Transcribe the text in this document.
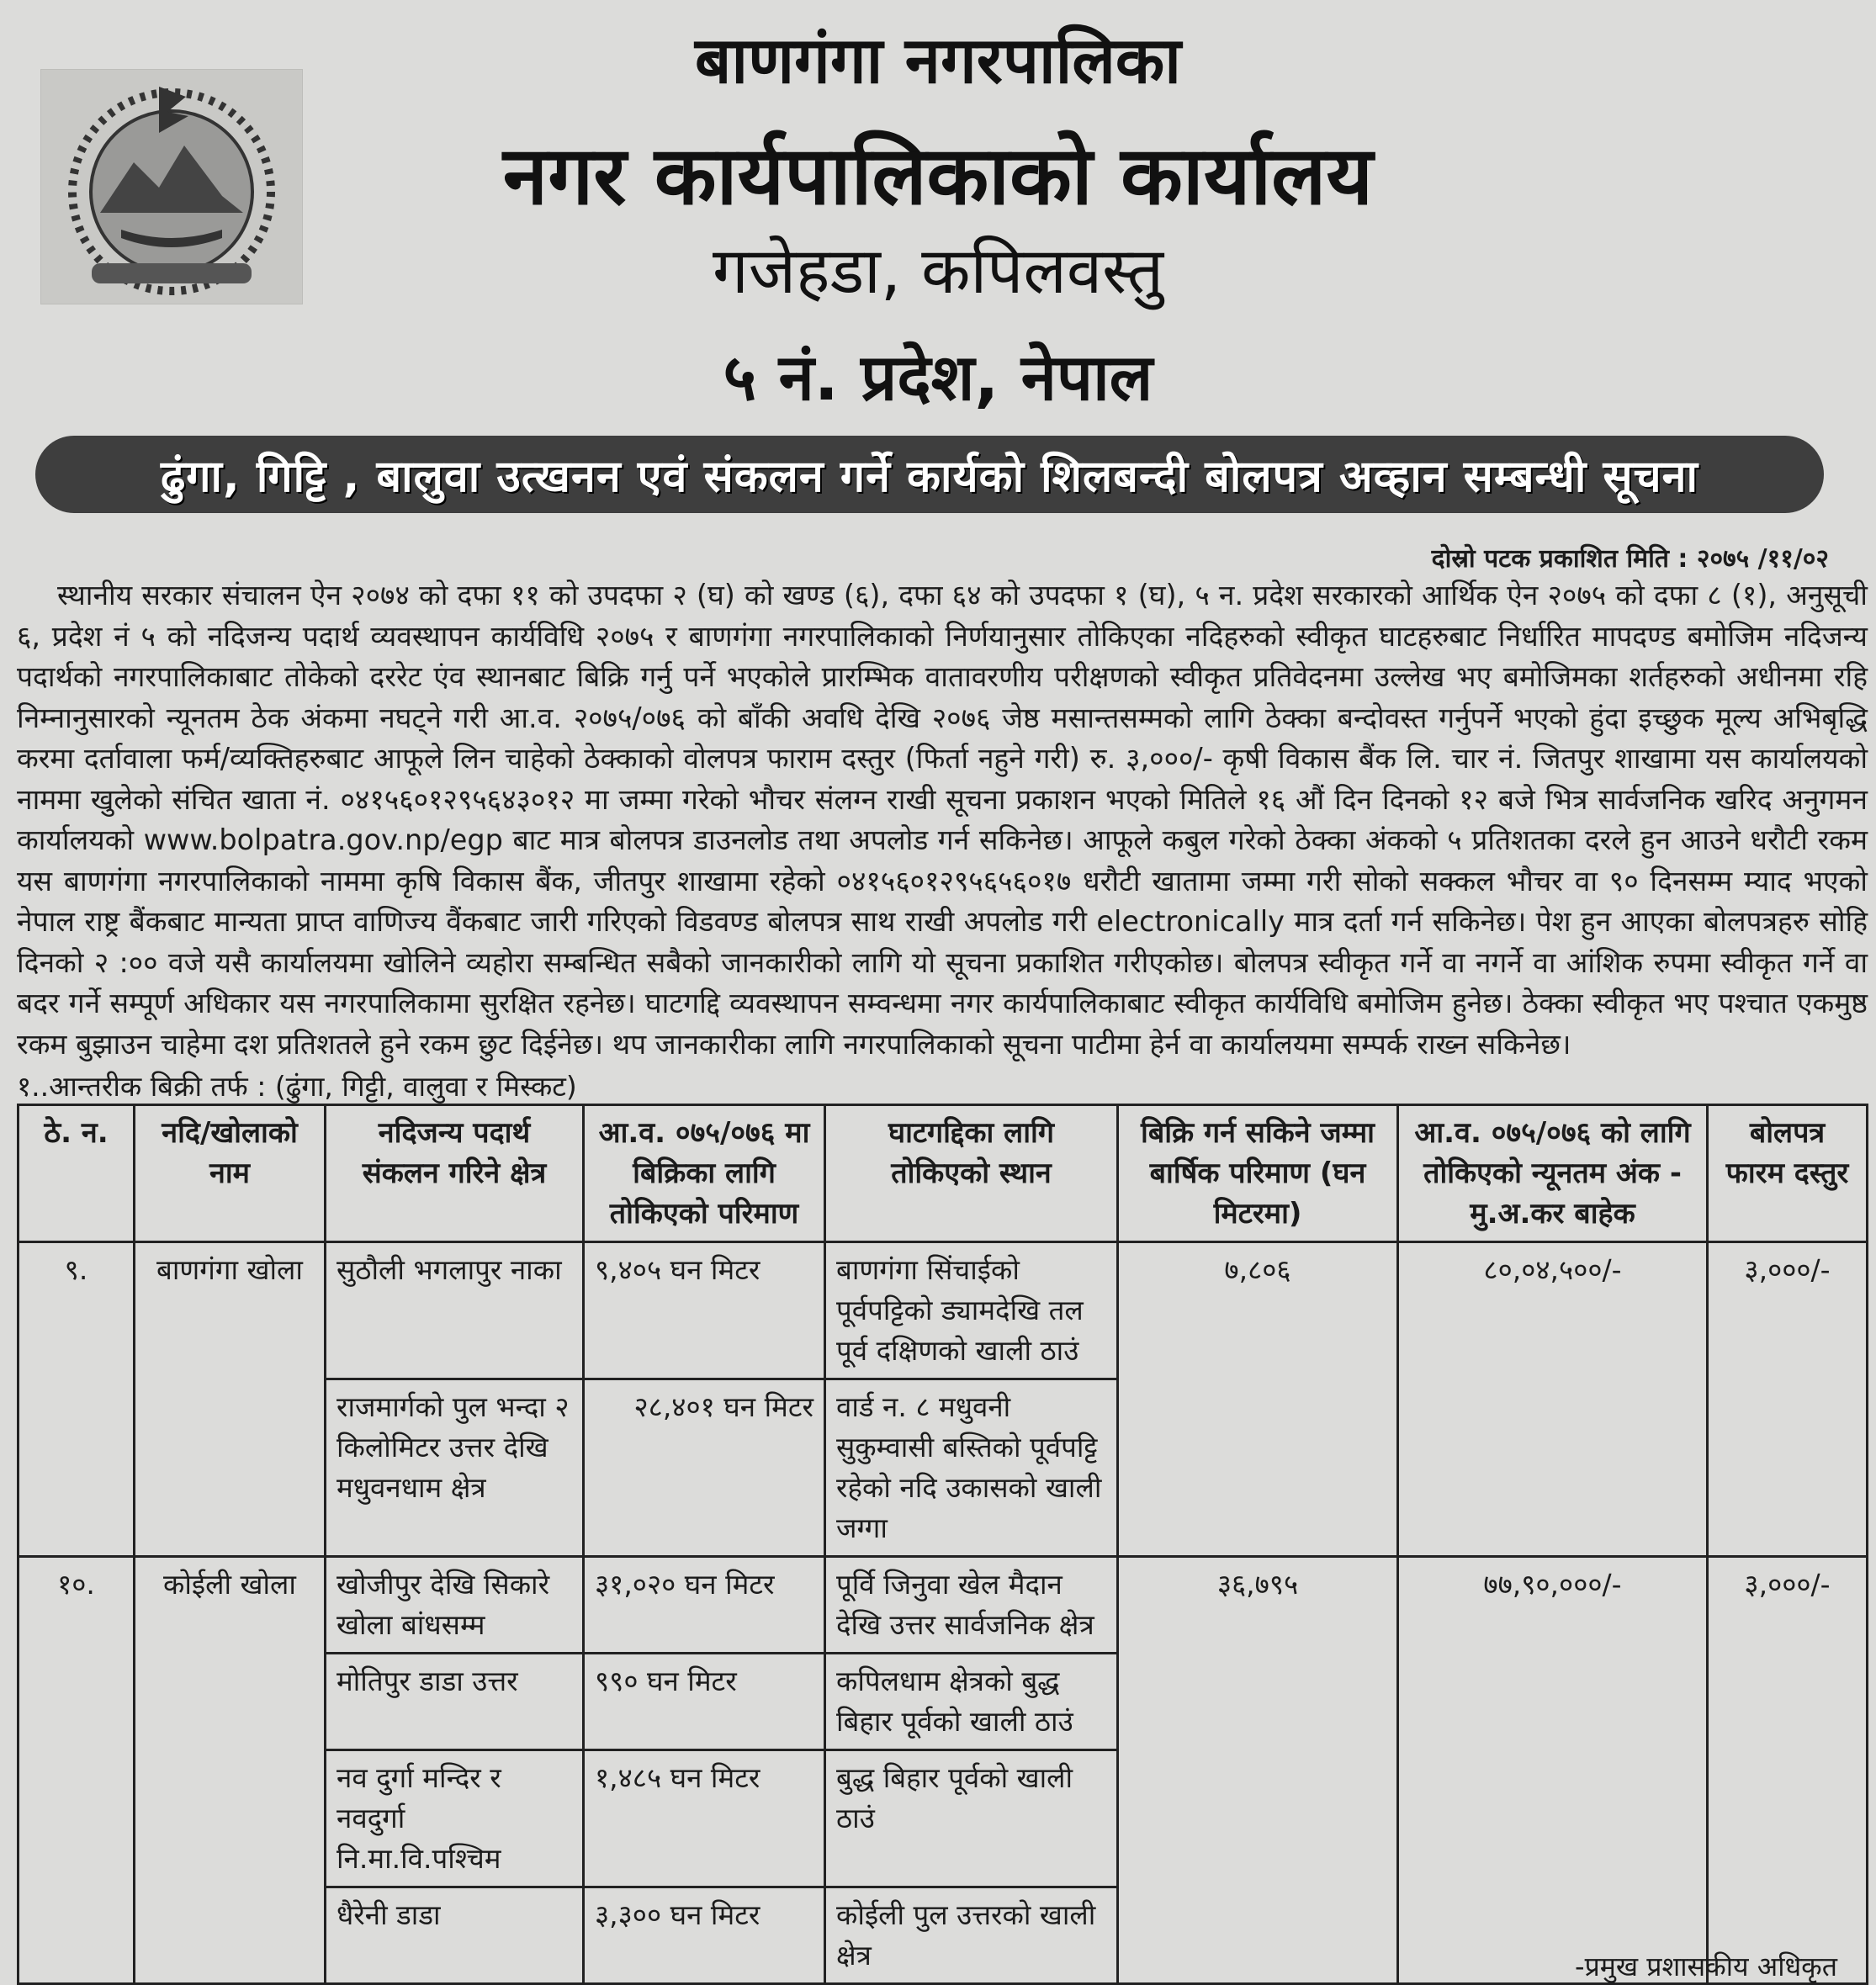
बाणगंगा नगरपालिका
नगर कार्यपालिकाको कार्यालय
गजेहडा, कपिलवस्तु
५ नं. प्रदेश, नेपाल
ढुंगा, गिट्टि , बालुवा उत्खनन एवं संकलन गर्ने कार्यको शिलबन्दी बोलपत्र अव्हान सम्बन्धी सूचना
दोस्रो पटक प्रकाशित मिति : २०७५ /११/०२

स्थानीय सरकार संचालन ऐन २०७४ को दफा ११ को उपदफा २ (घ) को खण्ड (६), दफा ६४ को उपदफा १ (घ), ५ न. प्रदेश सरकारको आर्थिक ऐन २०७५ को दफा ८ (१), अनुसूची ६, प्रदेश नं ५ को नदिजन्य पदार्थ व्यवस्थापन कार्यविधि २०७५ र बाणगंगा नगरपालिकाको निर्णयानुसार तोकिएका नदिहरुको स्वीकृत घाटहरुबाट निर्धारित मापदण्ड बमोजिम नदिजन्य पदार्थको नगरपालिकाबाट तोकेको दररेट एंव स्थानबाट बिक्रि गर्नु पर्ने भएकोले प्रारम्भिक वातावरणीय परीक्षणको स्वीकृत प्रतिवेदनमा उल्लेख भए बमोजिमका शर्तहरुको अधीनमा रहि निम्नानुसारको न्यूनतम ठेक अंकमा नघट्ने गरी आ.व. २०७५/०७६ को बाँकी अवधि देखि २०७६ जेष्ठ मसान्तसम्मको लागि ठेक्का बन्दोवस्त गर्नुपर्ने भएको हुंदा इच्छुक मूल्य अभिबृद्धि करमा दर्तावाला फर्म/व्यक्तिहरुबाट आफूले लिन चाहेको ठेक्काको वोलपत्र फाराम दस्तुर (फिर्ता नहुने गरी) रु. ३,०००/- कृषी विकास बैंक लि. चार नं. जितपुर शाखामा यस कार्यालयको नाममा खुलेको संचित खाता नं. ०४१५६०१२९५६४३०१२ मा जम्मा गरेको भौचर संलग्न राखी सूचना प्रकाशन भएको मितिले १६ औं दिन दिनको १२ बजे भित्र सार्वजनिक खरिद अनुगमन कार्यालयको www.bolpatra.gov.np/egp बाट मात्र बोलपत्र डाउनलोड तथा अपलोड गर्न सकिनेछ। आफूले कबुल गरेको ठेक्का अंकको ५ प्रतिशतका दरले हुन आउने धरौटी रकम यस बाणगंगा नगरपालिकाको नाममा कृषि विकास बैंक, जीतपुर शाखामा रहेको ०४१५६०१२९५६५६०१७ धरौटी खातामा जम्मा गरी सोको सक्कल भौचर वा ९० दिनसम्म म्याद भएको नेपाल राष्ट्र बैंकबाट मान्यता प्राप्त वाणिज्य वैंकबाट जारी गरिएको विडवण्ड बोलपत्र साथ राखी अपलोड गरी electronically मात्र दर्ता गर्न सकिनेछ। पेश हुन आएका बोलपत्रहरु सोहि दिनको २ :०० वजे यसै कार्यालयमा खोलिने व्यहोरा सम्बन्धित सबैको जानकारीको लागि यो सूचना प्रकाशित गरीएकोछ। बोलपत्र स्वीकृत गर्ने वा नगर्ने वा आंशिक रुपमा स्वीकृत गर्ने वा बदर गर्ने सम्पूर्ण अधिकार यस नगरपालिकामा सुरक्षित रहनेछ। घाटगद्दि व्यवस्थापन सम्वन्धमा नगर कार्यपालिकाबाट स्वीकृत कार्यविधि बमोजिम हुनेछ। ठेक्का स्वीकृत भए पश्चात एकमुष्ठ रकम बुझाउन चाहेमा दश प्रतिशतले हुने रकम छुट दिईनेछ। थप जानकारीका लागि नगरपालिकाको सूचना पाटीमा हेर्न वा कार्यालयमा सम्पर्क राख्न सकिनेछ।

१..आन्तरीक बिक्री तर्फ : (ढुंगा, गिट्टी, वालुवा र मिस्कट)
ठे. न.	नदि/खोलाको नाम	नदिजन्य पदार्थ संकलन गरिने क्षेत्र	आ.व. ०७५/०७६ मा बिक्रिका लागि तोकिएको परिमाण	घाटगद्दिका लागि तोकिएको स्थान	बिक्रि गर्न सकिने जम्मा बार्षिक परिमाण (घन मिटरमा)	आ.व. ०७५/०७६ को लागि तोकिएको न्यूनतम अंक - मु.अ.कर बाहेक	बोलपत्र फारम दस्तुर
९.	बाणगंगा खोला	सुठौली भगलापुर नाका	९,४०५ घन मिटर	बाणगंगा सिंचाईको पूर्वपट्टिको ड्यामदेखि तल पूर्व दक्षिणको खाली ठाउं	७,८०६	८०,०४,५००/-	३,०००/-
		राजमार्गको पुल भन्दा २ किलोमिटर उत्तर देखि मधुवनधाम क्षेत्र	२८,४०१ घन मिटर	वार्ड न. ८ मधुवनी सुकुम्वासी बस्तिको पूर्वपट्टि रहेको नदि उकासको खाली जग्गा			
१०.	कोईली खोला	खोजीपुर देखि सिकारे खोला बांधसम्म	३१,०२० घन मिटर	पूर्वि जिनुवा खेल मैदान देखि उत्तर सार्वजनिक क्षेत्र	३६,७९५	७७,९०,०००/-	३,०००/-
		मोतिपुर डाडा उत्तर	९९० घन मिटर	कपिलधाम क्षेत्रको बुद्ध बिहार पूर्वको खाली ठाउं			
		नव दुर्गा मन्दिर र नवदुर्गा नि.मा.वि.पश्चिम	१,४८५ घन मिटर	बुद्ध बिहार पूर्वको खाली ठाउं			
		धैरेनी डाडा	३,३०० घन मिटर	कोईली पुल उत्तरको खाली क्षेत्र				-प्रमुख प्रशासकीय अधिकृत
